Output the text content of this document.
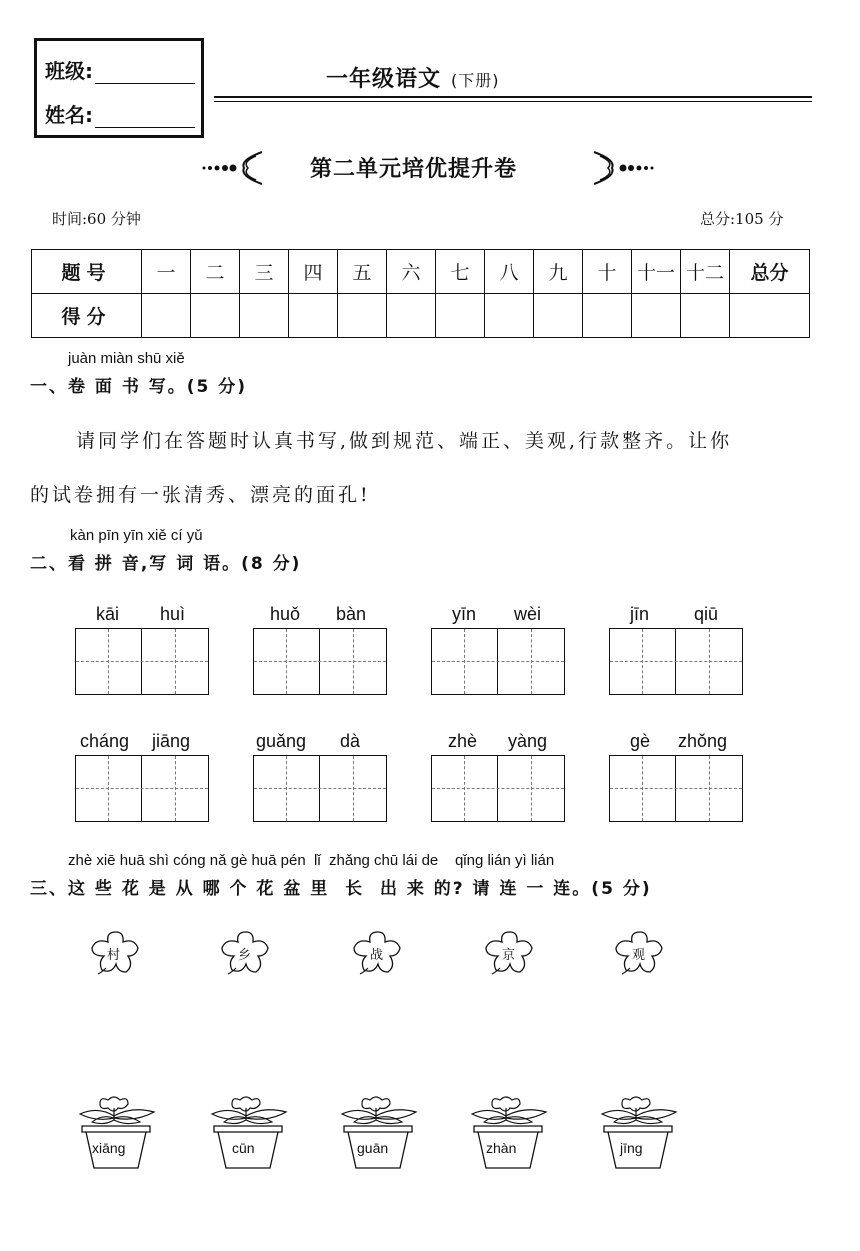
班级:
姓名:
一年级语文 (下册)
第二单元培优提升卷
时间:60 分钟	总分:105 分
题号	一	二	三	四	五	六	七	八	九	十	十一	十二	总分
得分													
juàn miàn shū xiě
一、卷 面 书 写。(5 分)
请同学们在答题时认真书写,做到规范、端正、美观,行款整齐。让你
的试卷拥有一张清秀、漂亮的面孔!
kàn pīn yīn xiě cí yǔ
二、看 拼 音,写 词 语。(8 分)
kāi huì	huǒ bàn	yīn wèi	jīn qiū
cháng jiāng	guǎng dà	zhè yàng	gè zhǒng
zhè xiē huā shì cóng nǎ gè huā pén  lǐ  zhǎng chū lái de    qǐng lián yì lián
三、这 些 花 是 从 哪 个 花 盆 里  长  出 来 的? 请 连 一 连。(5 分)
村	乡	战	京	观
xiāng	cūn	guān	zhàn	jīng
